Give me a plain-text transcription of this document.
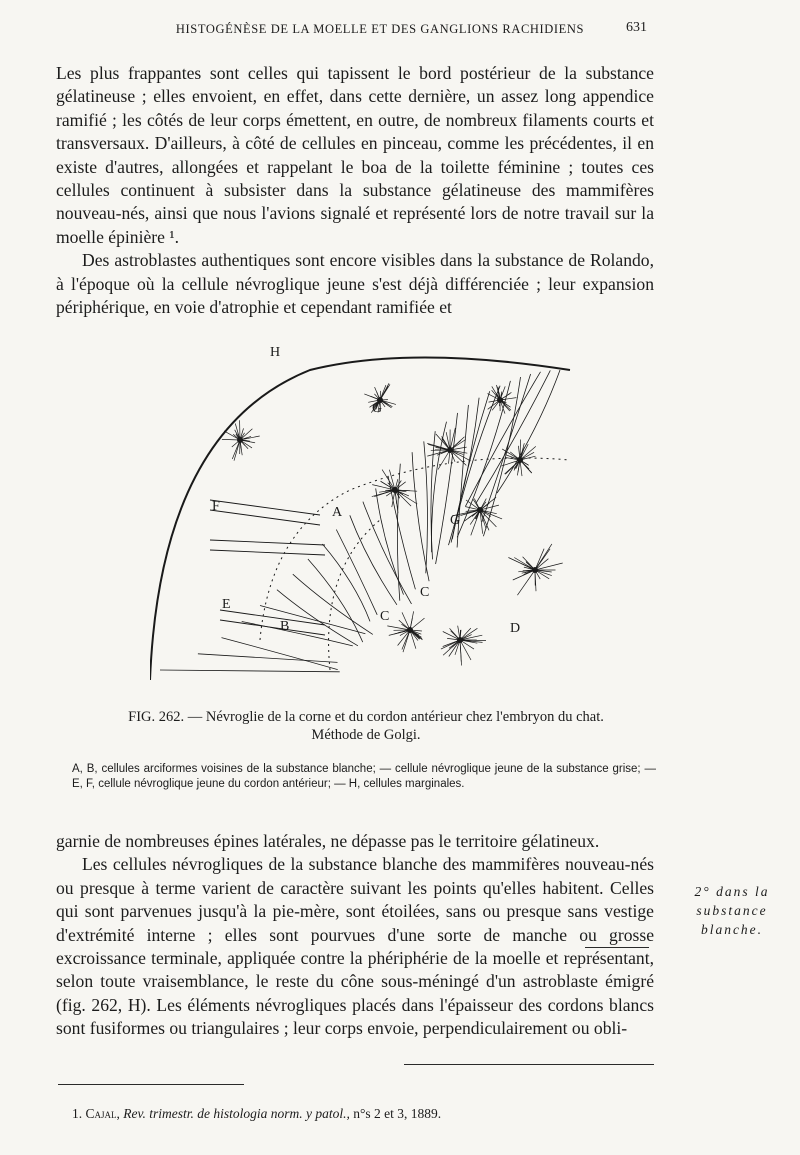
HISTOGÉNÈSE DE LA MOELLE ET DES GANGLIONS RACHIDIENS	631

Les plus frappantes sont celles qui tapissent le bord postérieur de la substance gélatineuse ; elles envoient, en effet, dans cette dernière, un assez long appendice ramifié ; les côtés de leur corps émettent, en outre, de nombreux filaments courts et transversaux. D'ailleurs, à côté de cellules en pinceau, comme les précédentes, il en existe d'autres, allongées et rappelant le boa de la toilette féminine ; toutes ces cellules continuent à subsister dans la substance gélatineuse des mammifères nouveau-nés, ainsi que nous l'avions signalé et représenté lors de notre travail sur la moelle épinière ¹.

Des astroblastes authentiques sont encore visibles dans la substance de Rolando, à l'époque où la cellule névroglique jeune s'est déjà différenciée ; leur expansion périphérique, en voie d'atrophie et cependant ramifiée et

H
G
F	A
G
E
B
C
C
D
FIG. 262. — Névroglie de la corne et du cordon antérieur chez l'embryon du chat.
Méthode de Golgi.
A, B, cellules arciformes voisines de la substance blanche; — cellule névroglique jeune de la substance grise; — E, F, cellule névroglique jeune du cordon antérieur; — H, cellules marginales.

garnie de nombreuses épines latérales, ne dépasse pas le territoire gélatineux.

Les cellules névrogliques de la substance blanche des mammifères nouveau-nés ou presque à terme varient de caractère suivant les points qu'elles habitent. Celles qui sont parvenues jusqu'à la pie-mère, sont étoilées, sans ou presque sans vestige d'extrémité interne ; elles sont pourvues d'une sorte de manche ou grosse excroissance terminale, appliquée contre la phériphérie de la moelle et représentant, selon toute vraisemblance, le reste du cône sous-méningé d'un astroblaste émigré (fig. 262, H). Les éléments névrogliques placés dans l'épaisseur des cordons blancs sont fusiformes ou triangulaires ; leur corps envoie, perpendiculairement ou obli-

2° dans la
substance
blanche.
1. Cajal, Rev. trimestr. de histologia norm. y patol., n°s 2 et 3, 1889.
